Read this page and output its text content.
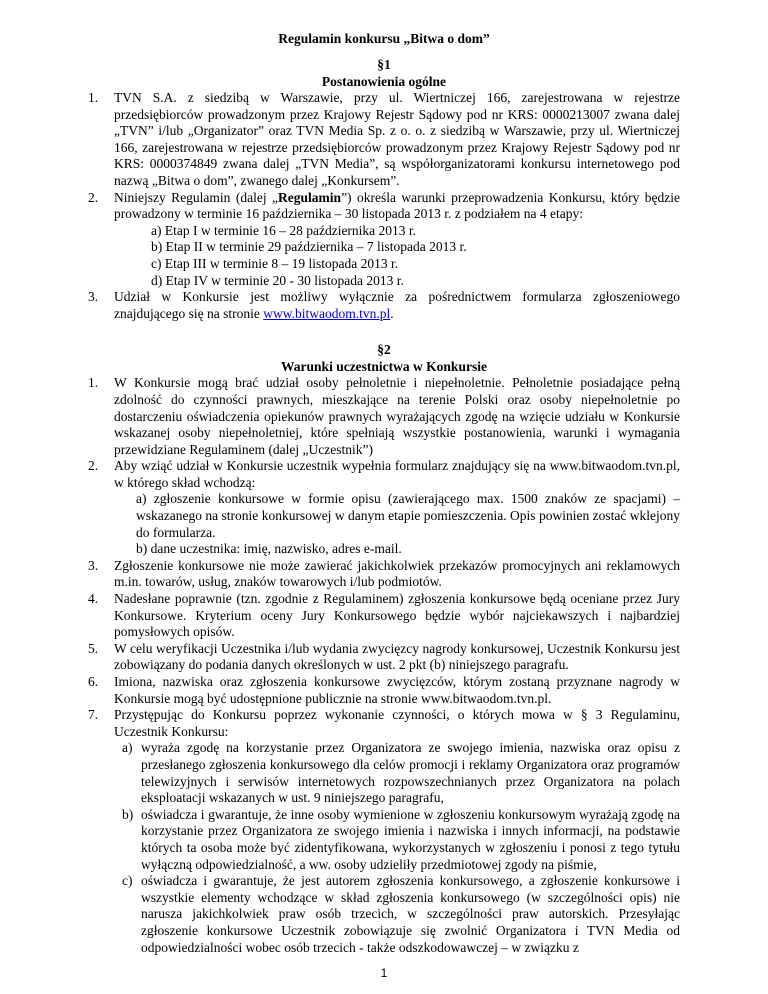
Regulamin konkursu „Bitwa o dom”
§1
Postanowienia ogólne
1. TVN S.A. z siedzibą w Warszawie, przy ul. Wiertniczej 166, zarejestrowana w rejestrze przedsiębiorców prowadzonym przez Krajowy Rejestr Sądowy pod nr KRS: 0000213007 zwana dalej „TVN” i/lub „Organizator” oraz TVN Media Sp. z o. o. z siedzibą w Warszawie, przy ul. Wiertniczej 166, zarejestrowana w rejestrze przedsiębiorców prowadzonym przez Krajowy Rejestr Sądowy pod nr KRS: 0000374849 zwana dalej „TVN Media”, są współorganizatorami konkursu internetowego pod nazwą „Bitwa o dom”, zwanego dalej „Konkursem”.
2. Niniejszy Regulamin (dalej „Regulamin”) określa warunki przeprowadzenia Konkursu, który będzie prowadzony w terminie 16 października – 30 listopada 2013 r. z podziałem na 4 etapy:
a) Etap I w terminie 16 – 28 października 2013 r.
b) Etap II w terminie 29 października – 7 listopada 2013 r.
c) Etap III w terminie 8 – 19 listopada 2013 r.
d) Etap IV w terminie 20 - 30 listopada 2013 r.
3. Udział w Konkursie jest możliwy wyłącznie za pośrednictwem formularza zgłoszeniowego znajdującego się na stronie www.bitwaodom.tvn.pl.
§2
Warunki uczestnictwa w Konkursie
1. W Konkursie mogą brać udział osoby pełnoletnie i niepełnoletnie. Pełnoletnie posiadające pełną zdolność do czynności prawnych, mieszkające na terenie Polski oraz osoby niepełnoletnie po dostarczeniu oświadczenia opiekunów prawnych wyrażających zgodę na wzięcie udziału w Konkursie wskazanej osoby niepełnoletniej, które spełniają wszystkie postanowienia, warunki i wymagania przewidziane Regulaminem (dalej „Uczestnik”)
2. Aby wziąć udział w Konkursie uczestnik wypełnia formularz znajdujący się na www.bitwaodom.tvn.pl, w którego skład wchodzą:
a) zgłoszenie konkursowe w formie opisu (zawierającego max. 1500 znaków ze spacjami) – wskazanego na stronie konkursowej w danym etapie pomieszczenia. Opis powinien zostać wklejony do formularza.
b) dane uczestnika: imię, nazwisko, adres e-mail.
3. Zgłoszenie konkursowe nie może zawierać jakichkolwiek przekazów promocyjnych ani reklamowych m.in. towarów, usług, znaków towarowych i/lub podmiotów.
4. Nadesłane poprawnie (tzn. zgodnie z Regulaminem) zgłoszenia konkursowe będą oceniane przez Jury Konkursowe. Kryterium oceny Jury Konkursowego będzie wybór najciekawszych i najbardziej pomysłowych opisów.
5. W celu weryfikacji Uczestnika i/lub wydania zwycięzcy nagrody konkursowej, Uczestnik Konkursu jest zobowiązany do podania danych określonych w ust. 2 pkt (b) niniejszego paragrafu.
6. Imiona, nazwiska oraz zgłoszenia konkursowe zwycięzców, którym zostaną przyznane nagrody w Konkursie mogą być udostępnione publicznie na stronie www.bitwaodom.tvn.pl.
7. Przystępując do Konkursu poprzez wykonanie czynności, o których mowa w § 3 Regulaminu, Uczestnik Konkursu:
a) wyraża zgodę na korzystanie przez Organizatora ze swojego imienia, nazwiska oraz opisu z przesłanego zgłoszenia konkursowego dla celów promocji i reklamy Organizatora oraz programów telewizyjnych i serwisów internetowych rozpowszechnianych przez Organizatora na polach eksploatacji wskazanych w ust. 9 niniejszego paragrafu,
b) oświadcza i gwarantuje, że inne osoby wymienione w zgłoszeniu konkursowym wyrażają zgodę na korzystanie przez Organizatora ze swojego imienia i nazwiska i innych informacji, na podstawie których ta osoba może być zidentyfikowana, wykorzystanych w zgłoszeniu i ponosi z tego tytułu wyłączną odpowiedzialność, a ww. osoby udzieliły przedmiotowej zgody na piśmie,
c) oświadcza i gwarantuje, że jest autorem zgłoszenia konkursowego, a zgłoszenie konkursowe i wszystkie elementy wchodzące w skład zgłoszenia konkursowego (w szczególności opis) nie narusza jakichkolwiek praw osób trzecich, w szczególności praw autorskich. Przesyłając zgłoszenie konkursowe Uczestnik zobowiązuje się zwolnić Organizatora i TVN Media od odpowiedzialności wobec osób trzecich - także odszkodowawczej – w związku z
1
